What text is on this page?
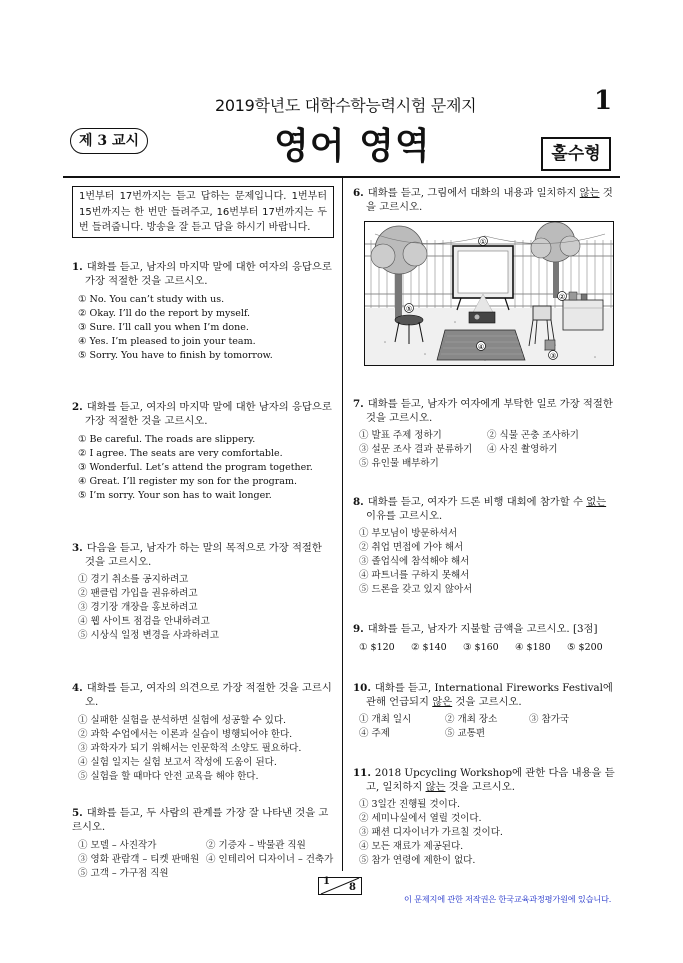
2019학년도 대학수학능력시험 문제지	1
제 3 교시	영어 영역	홀수형
1번부터 17번까지는 듣고 답하는 문제입니다. 1번부터 15번까지는 한 번만 들려주고, 16번부터 17번까지는 두 번 들려줍니다. 방송을 잘 듣고 답을 하시기 바랍니다.
1. 대화를 듣고, 남자의 마지막 말에 대한 여자의 응답으로 가장 적절한 것을 고르시오.
① No. You can’t study with us.
② Okay. I’ll do the report by myself.
③ Sure. I’ll call you when I’m done.
④ Yes. I’m pleased to join your team.
⑤ Sorry. You have to finish by tomorrow.
2. 대화를 듣고, 여자의 마지막 말에 대한 남자의 응답으로 가장 적절한 것을 고르시오.
① Be careful. The roads are slippery.
② I agree. The seats are very comfortable.
③ Wonderful. Let’s attend the program together.
④ Great. I’ll register my son for the program.
⑤ I’m sorry. Your son has to wait longer.
3. 다음을 듣고, 남자가 하는 말의 목적으로 가장 적절한 것을 고르시오.
① 경기 취소를 공지하려고
② 팬클럽 가입을 권유하려고
③ 경기장 개장을 홍보하려고
④ 웹 사이트 점검을 안내하려고
⑤ 시상식 일정 변경을 사과하려고
4. 대화를 듣고, 여자의 의견으로 가장 적절한 것을 고르시오.
① 실패한 실험을 분석하면 실험에 성공할 수 있다.
② 과학 수업에서는 이론과 실습이 병행되어야 한다.
③ 과학자가 되기 위해서는 인문학적 소양도 필요하다.
④ 실험 일지는 실험 보고서 작성에 도움이 된다.
⑤ 실험을 할 때마다 안전 교육을 해야 한다.
5. 대화를 듣고, 두 사람의 관계를 가장 잘 나타낸 것을 고르시오.
① 모델 – 사진작가	② 기증자 – 박물관 직원
③ 영화 관람객 – 티켓 판매원 ④ 인테리어 디자이너 – 건축가
⑤ 고객 – 가구점 직원
6. 대화를 듣고, 그림에서 대화의 내용과 일치하지 않는 것을 고르시오.
①
④
⑤
②
③
7. 대화를 듣고, 남자가 여자에게 부탁한 일로 가장 적절한 것을 고르시오.
① 발표 주제 정하기	② 식물 곤충 조사하기
③ 설문 조사 결과 분류하기	④ 사진 촬영하기
⑤ 유인물 배부하기
8. 대화를 듣고, 여자가 드론 비행 대회에 참가할 수 없는 이유를 고르시오.
① 부모님이 방문하셔서
② 취업 면접에 가야 해서
③ 졸업식에 참석해야 해서
④ 파트너를 구하지 못해서
⑤ 드론을 갖고 있지 않아서
9. 대화를 듣고, 남자가 지불할 금액을 고르시오. [3점]
① $120	② $140	③ $160	④ $180	⑤ $200
10. 대화를 듣고, International Fireworks Festival에 관해 언급되지 않은 것을 고르시오.
① 개최 일시	② 개최 장소	③ 참가국
④ 주제	⑤ 교통편
11. 2018 Upcycling Workshop에 관한 다음 내용을 듣고, 일치하지 않는 것을 고르시오.
① 3일간 진행될 것이다.
② 세미나실에서 열릴 것이다.
③ 패션 디자이너가 가르칠 것이다.
④ 모든 재료가 제공된다.
⑤ 참가 연령에 제한이 없다.
1
8
이 문제지에 관한 저작권은 한국교육과정평가원에 있습니다.
